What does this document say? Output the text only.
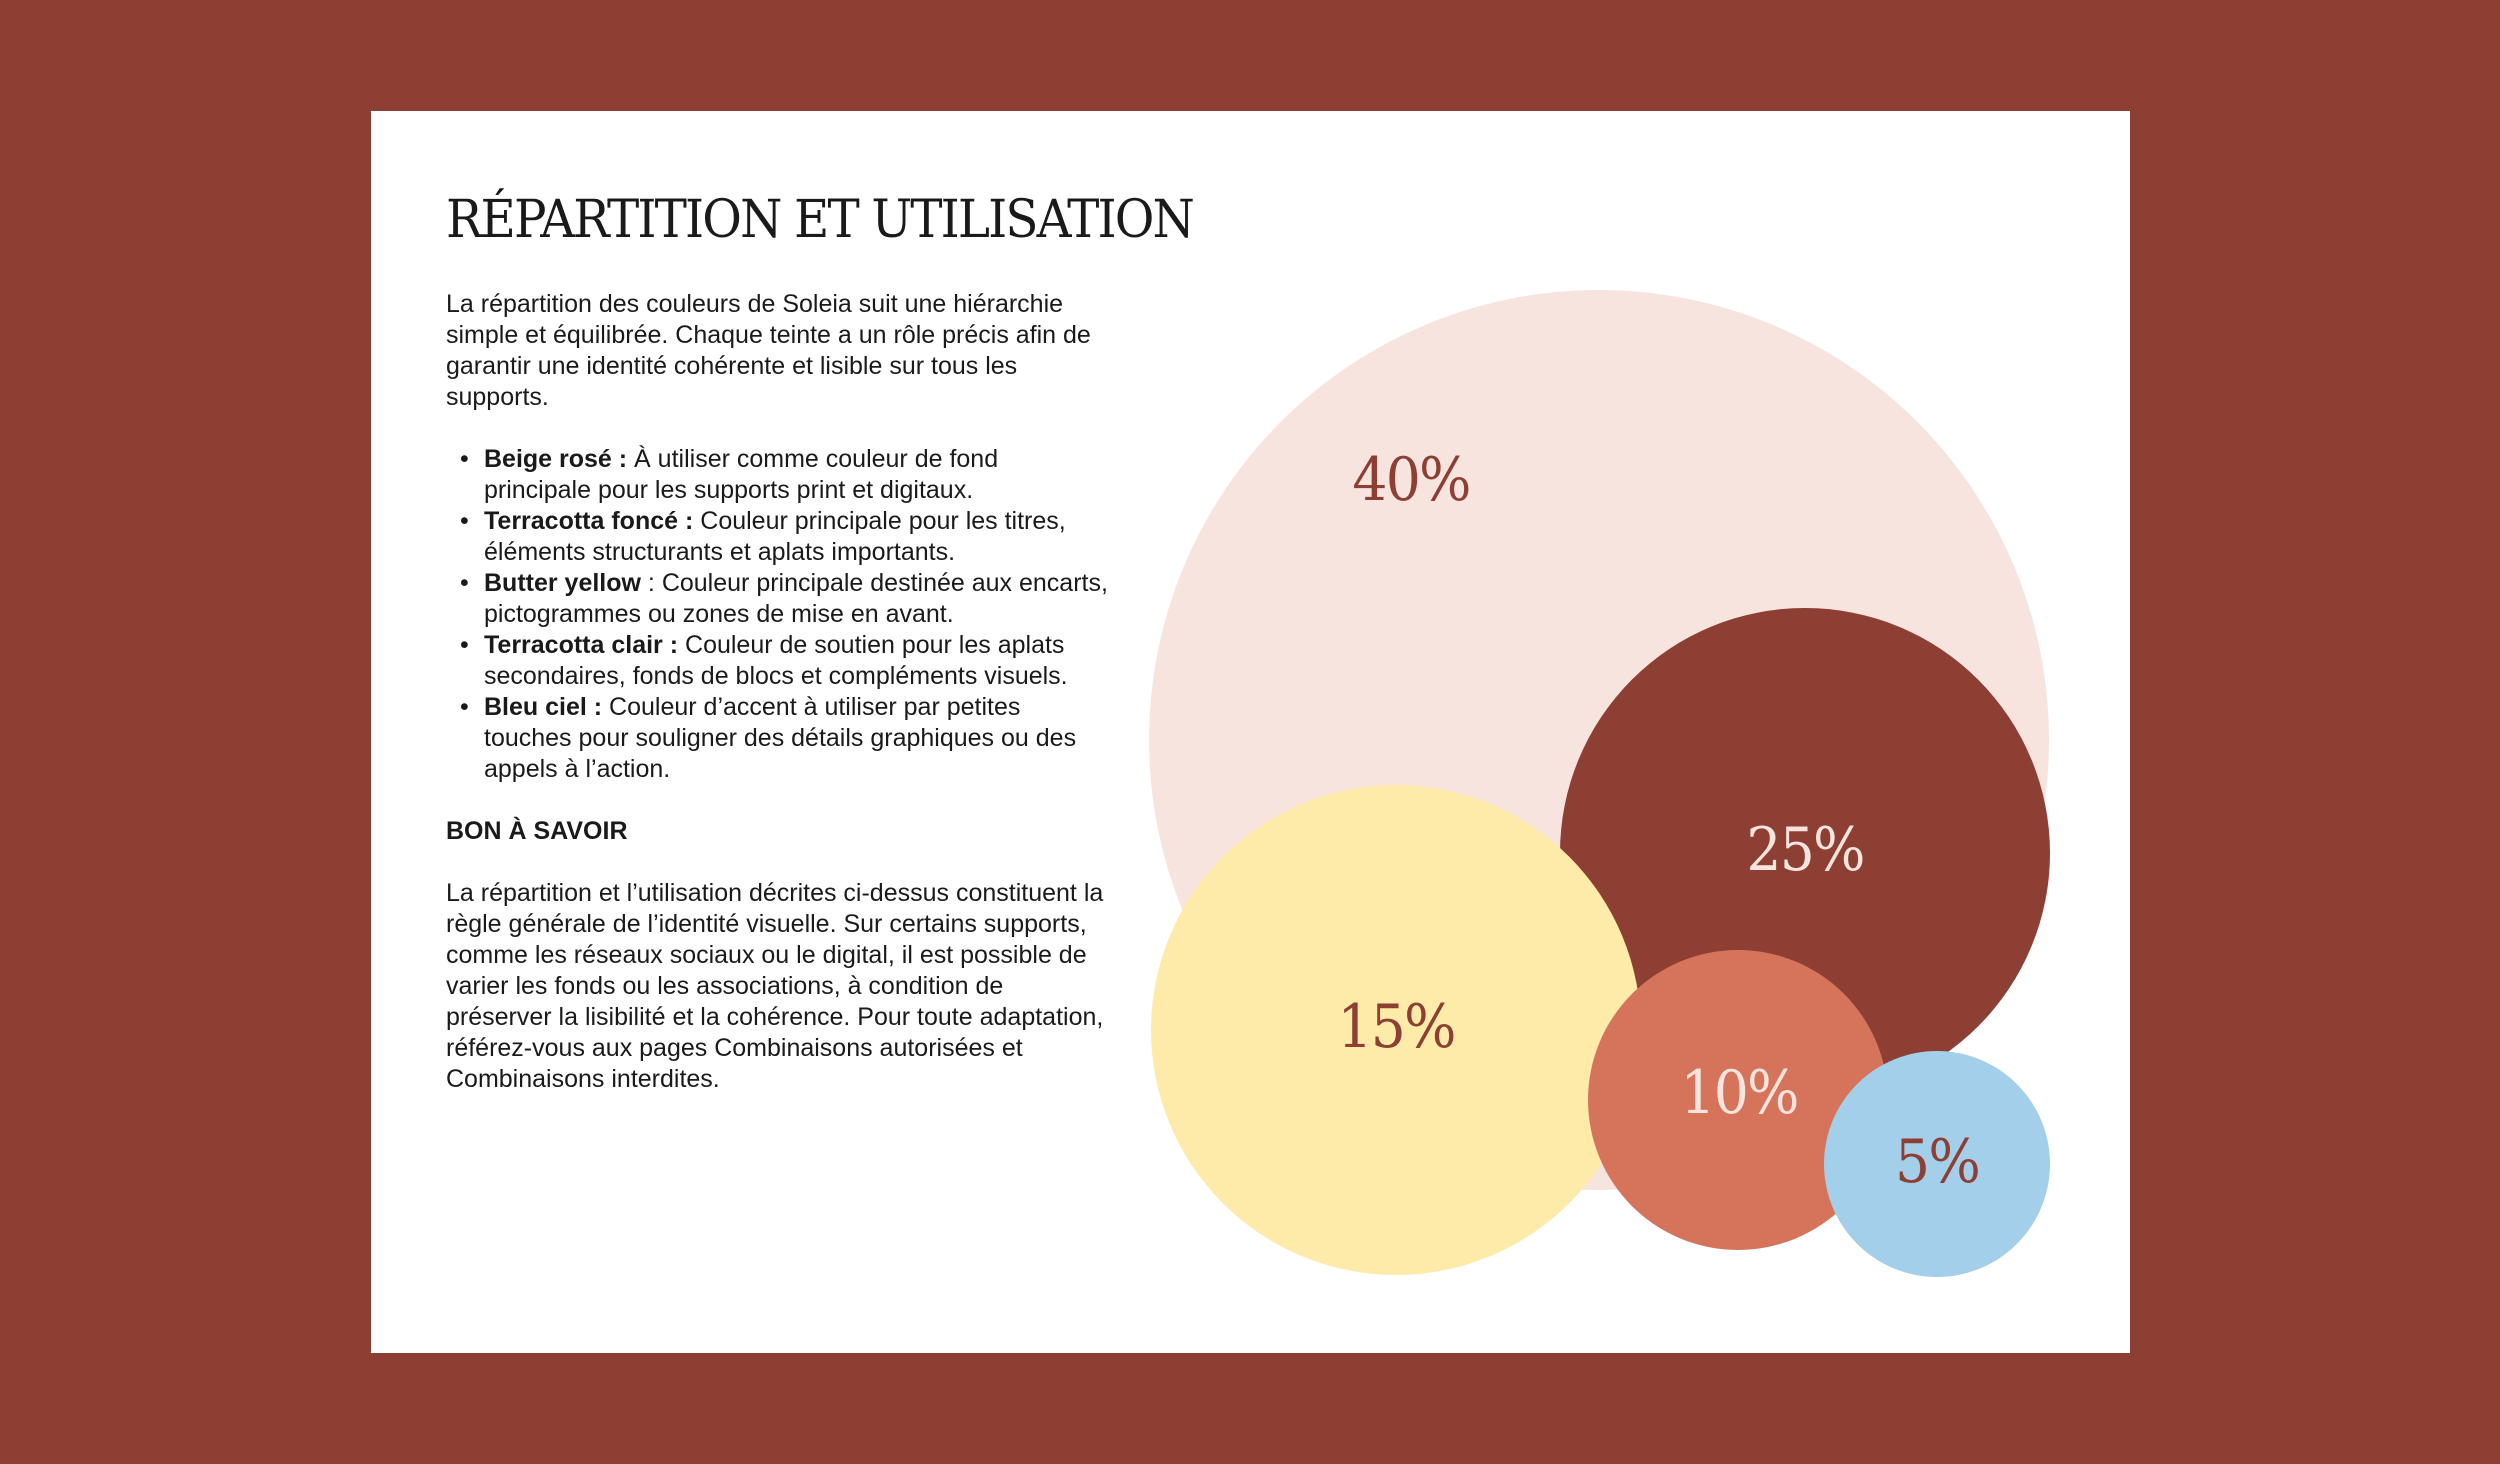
RÉPARTITION ET UTILISATION

La répartition des couleurs de Soleia suit une hiérarchie simple et équilibrée. Chaque teinte a un rôle précis afin de garantir une identité cohérente et lisible sur tous les supports.

• Beige rosé : À utiliser comme couleur de fond principale pour les supports print et digitaux.
• Terracotta foncé : Couleur principale pour les titres, éléments structurants et aplats importants.
• Butter yellow : Couleur principale destinée aux encarts, pictogrammes ou zones de mise en avant.
• Terracotta clair : Couleur de soutien pour les aplats secondaires, fonds de blocs et compléments visuels.
• Bleu ciel : Couleur d’accent à utiliser par petites touches pour souligner des détails graphiques ou des appels à l’action.

BON À SAVOIR

La répartition et l’utilisation décrites ci-dessus constituent la règle générale de l’identité visuelle. Sur certains supports, comme les réseaux sociaux ou le digital, il est possible de varier les fonds ou les associations, à condition de préserver la lisibilité et la cohérence. Pour toute adaptation, référez-vous aux pages Combinaisons autorisées et Combinaisons interdites.

40%
25%
15%
10%
5%
